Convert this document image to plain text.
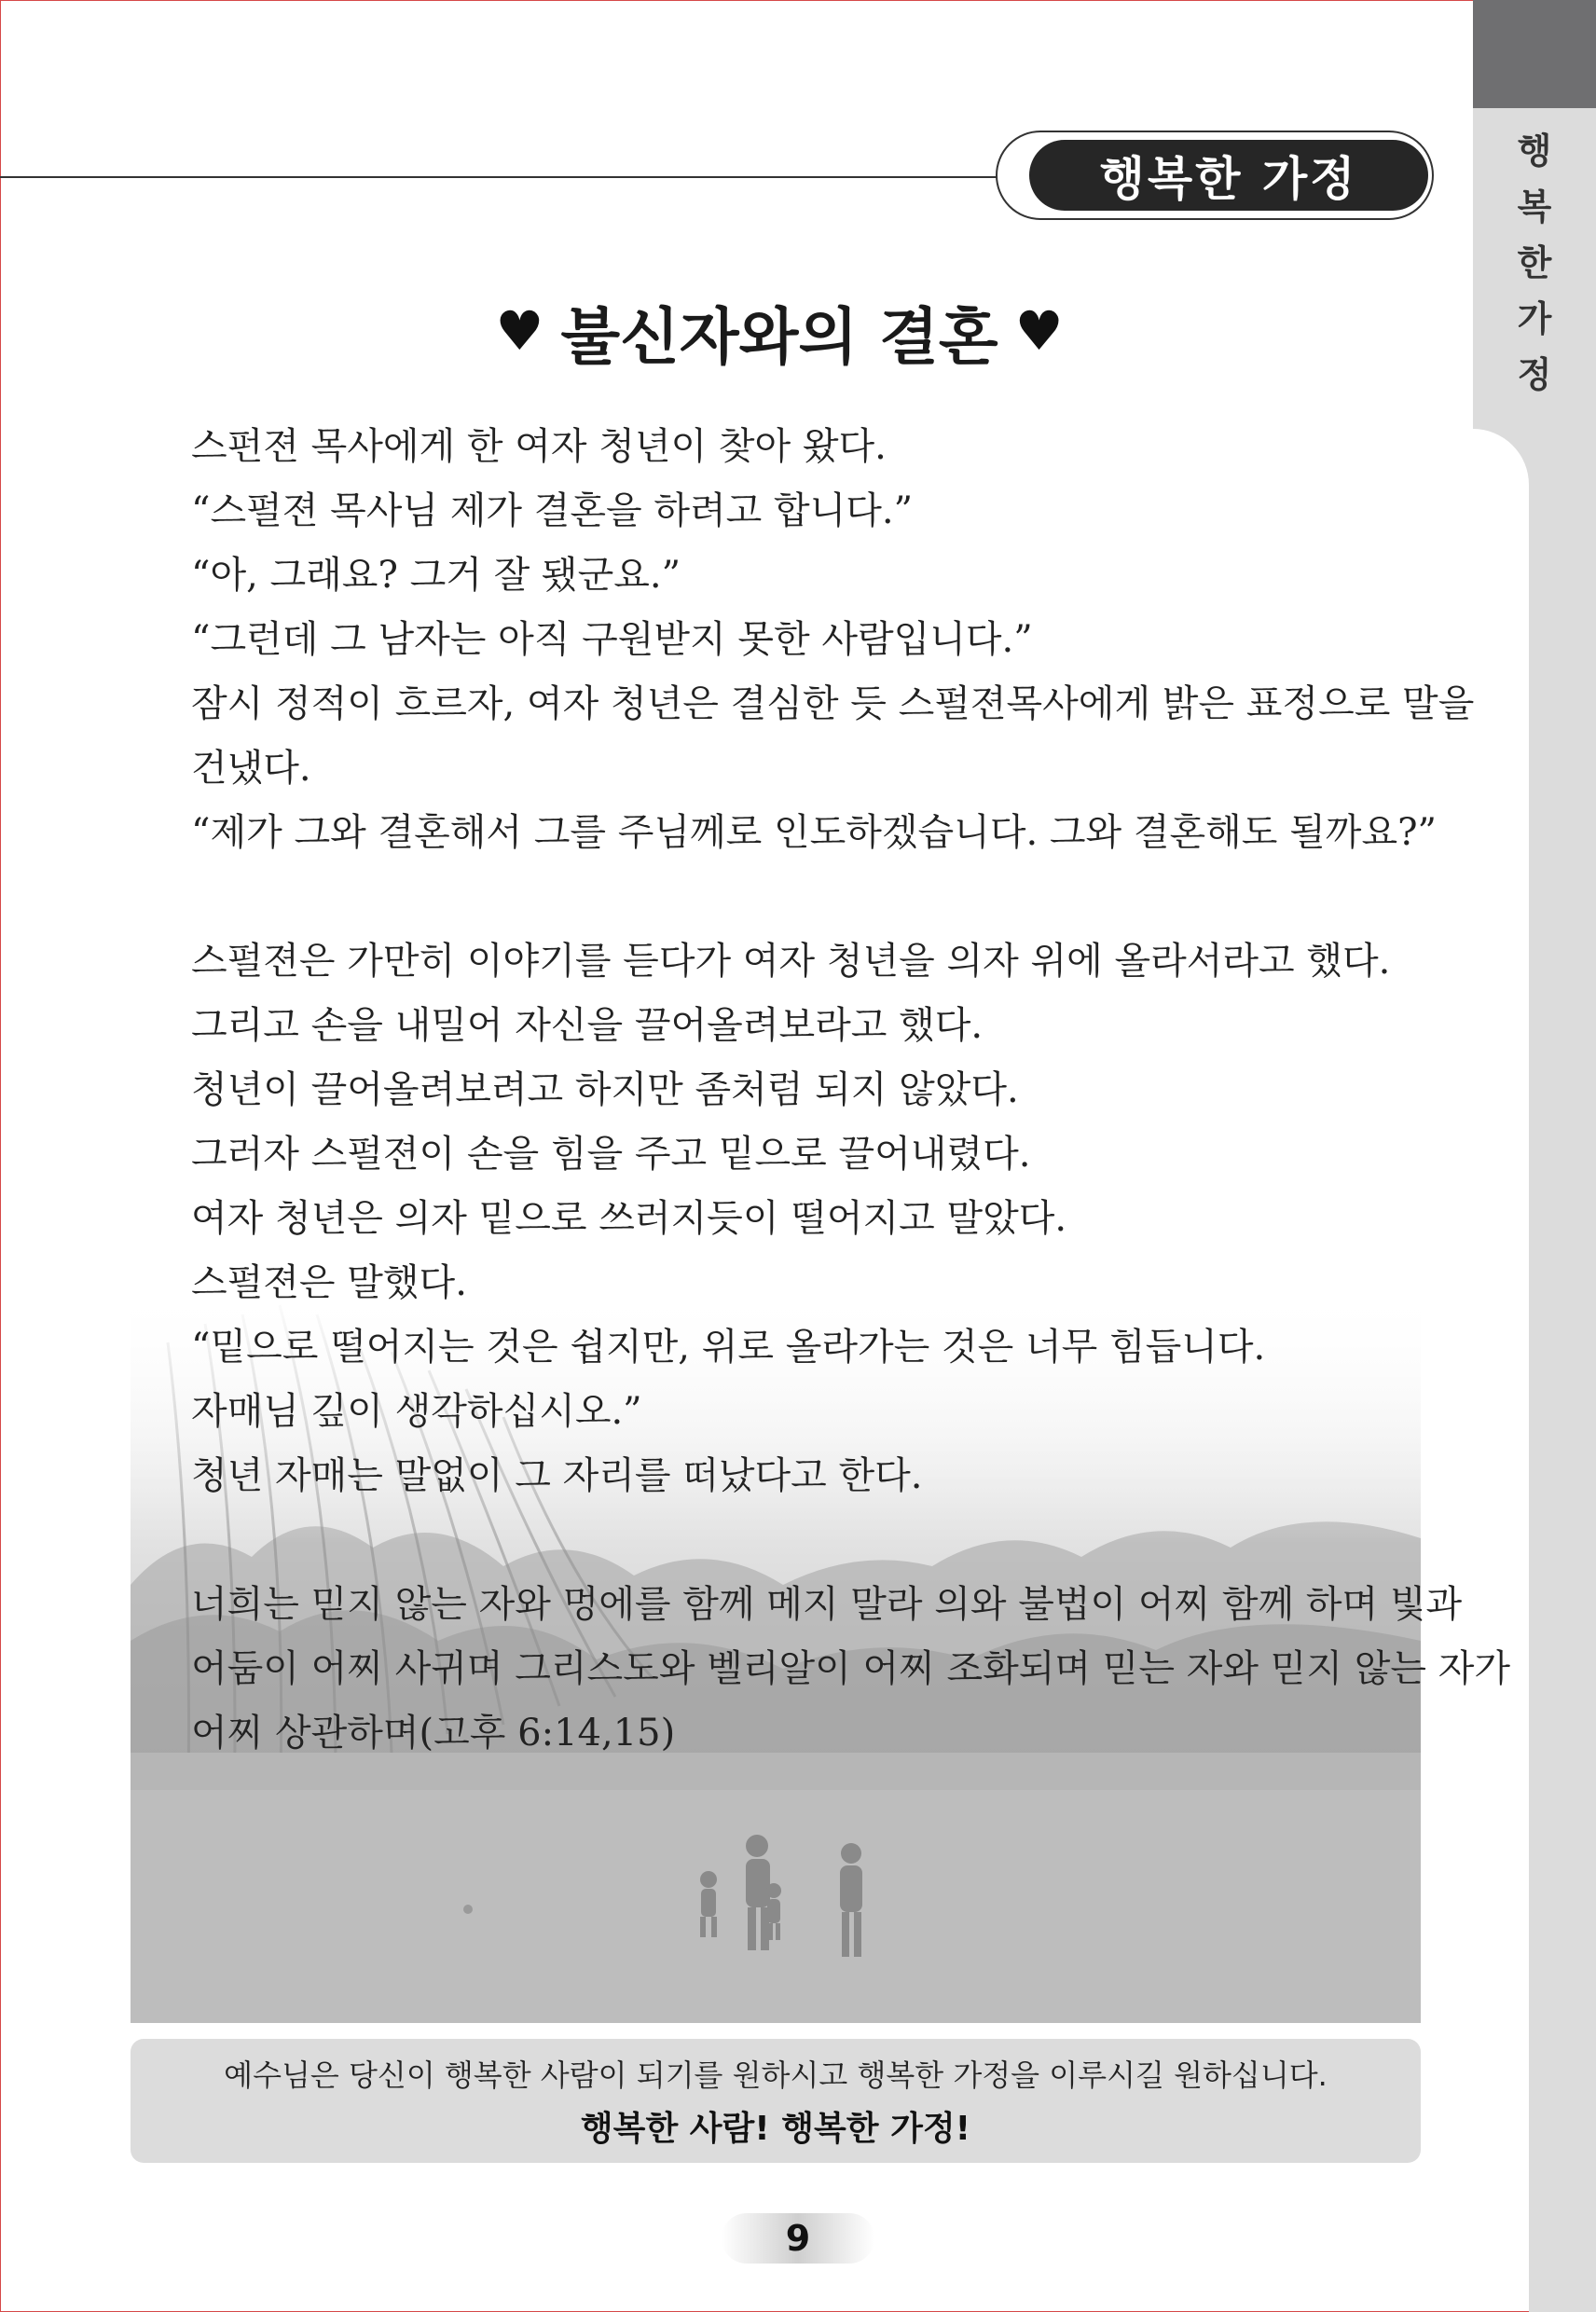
행
복
한
가
정
행복한 가정
♥ 불신자와의 결혼 ♥
스펀젼 목사에게 한 여자 청년이 찾아 왔다.
“스펄젼 목사님 제가 결혼을 하려고 합니다.”
“아, 그래요? 그거 잘 됐군요.”
“그런데 그 남자는 아직 구원받지 못한 사람입니다.”
잠시 정적이 흐르자, 여자 청년은 결심한 듯 스펄젼목사에게 밝은 표정으로 말을
건냈다.
“제가 그와 결혼해서 그를 주님께로 인도하겠습니다. 그와 결혼해도 될까요?”
스펄젼은 가만히 이야기를 듣다가 여자 청년을 의자 위에 올라서라고 했다.
그리고 손을 내밀어 자신을 끌어올려보라고 했다.
청년이 끌어올려보려고 하지만 좀처럼 되지 않았다.
그러자 스펄젼이 손을 힘을 주고 밑으로 끌어내렸다.
여자 청년은 의자 밑으로 쓰러지듯이 떨어지고 말았다.
스펄젼은 말했다.
“밑으로 떨어지는 것은 쉽지만, 위로 올라가는 것은 너무 힘듭니다.
자매님 깊이 생각하십시오.”
청년 자매는 말없이 그 자리를 떠났다고 한다.
너희는 믿지 않는 자와 멍에를 함께 메지 말라 의와 불법이 어찌 함께 하며 빛과
어둠이 어찌 사귀며 그리스도와 벨리알이 어찌 조화되며 믿는 자와 믿지 않는 자가
어찌 상관하며(고후 6:14,15)
예수님은 당신이 행복한 사람이 되기를 원하시고 행복한 가정을 이루시길 원하십니다.
행복한 사람! 행복한 가정!
9
